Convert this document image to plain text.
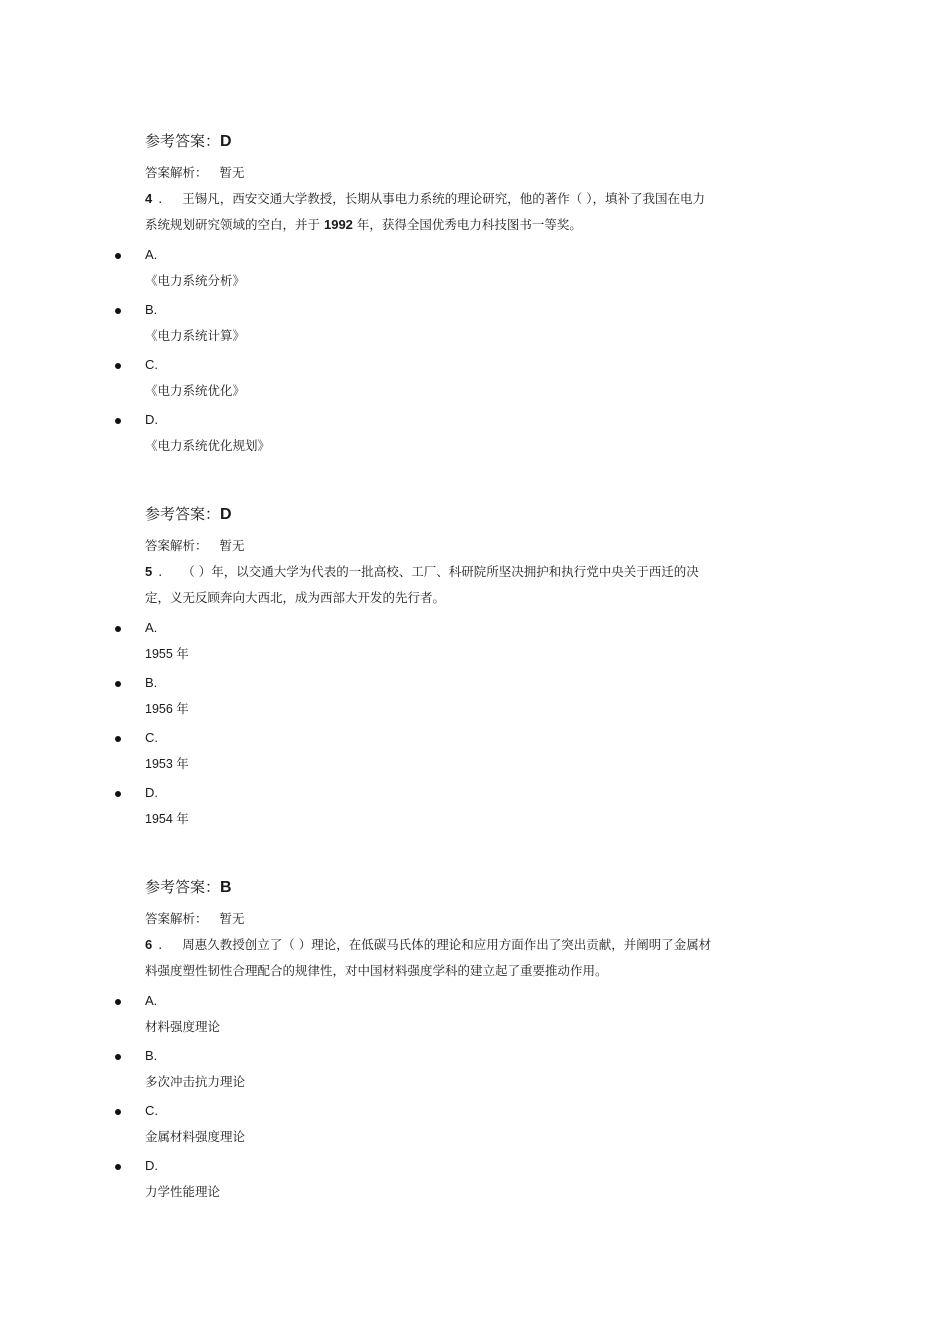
参考答案：D
答案解析： 暂无
4 . 王锡凡，西安交通大学教授，长期从事电力系统的理论研究，他的著作（ ），填补了我国在电力
系统规划研究领域的空白，并于 1992 年，获得全国优秀电力科技图书一等奖。
A.
《电力系统分析》
B.
《电力系统计算》
C.
《电力系统优化》
D.
《电力系统优化规划》
参考答案：D
答案解析： 暂无
5 . （ ）年，以交通大学为代表的一批高校、工厂、科研院所坚决拥护和执行党中央关于西迁的决
定，义无反顾奔向大西北，成为西部大开发的先行者。
A.
1955 年
B.
1956 年
C.
1953 年
D.
1954 年
参考答案：B
答案解析： 暂无
6 . 周惠久教授创立了（ ）理论，在低碳马氏体的理论和应用方面作出了突出贡献，并阐明了金属材
料强度塑性韧性合理配合的规律性，对中国材料强度学科的建立起了重要推动作用。
A.
材料强度理论
B.
多次冲击抗力理论
C.
金属材料强度理论
D.
力学性能理论
